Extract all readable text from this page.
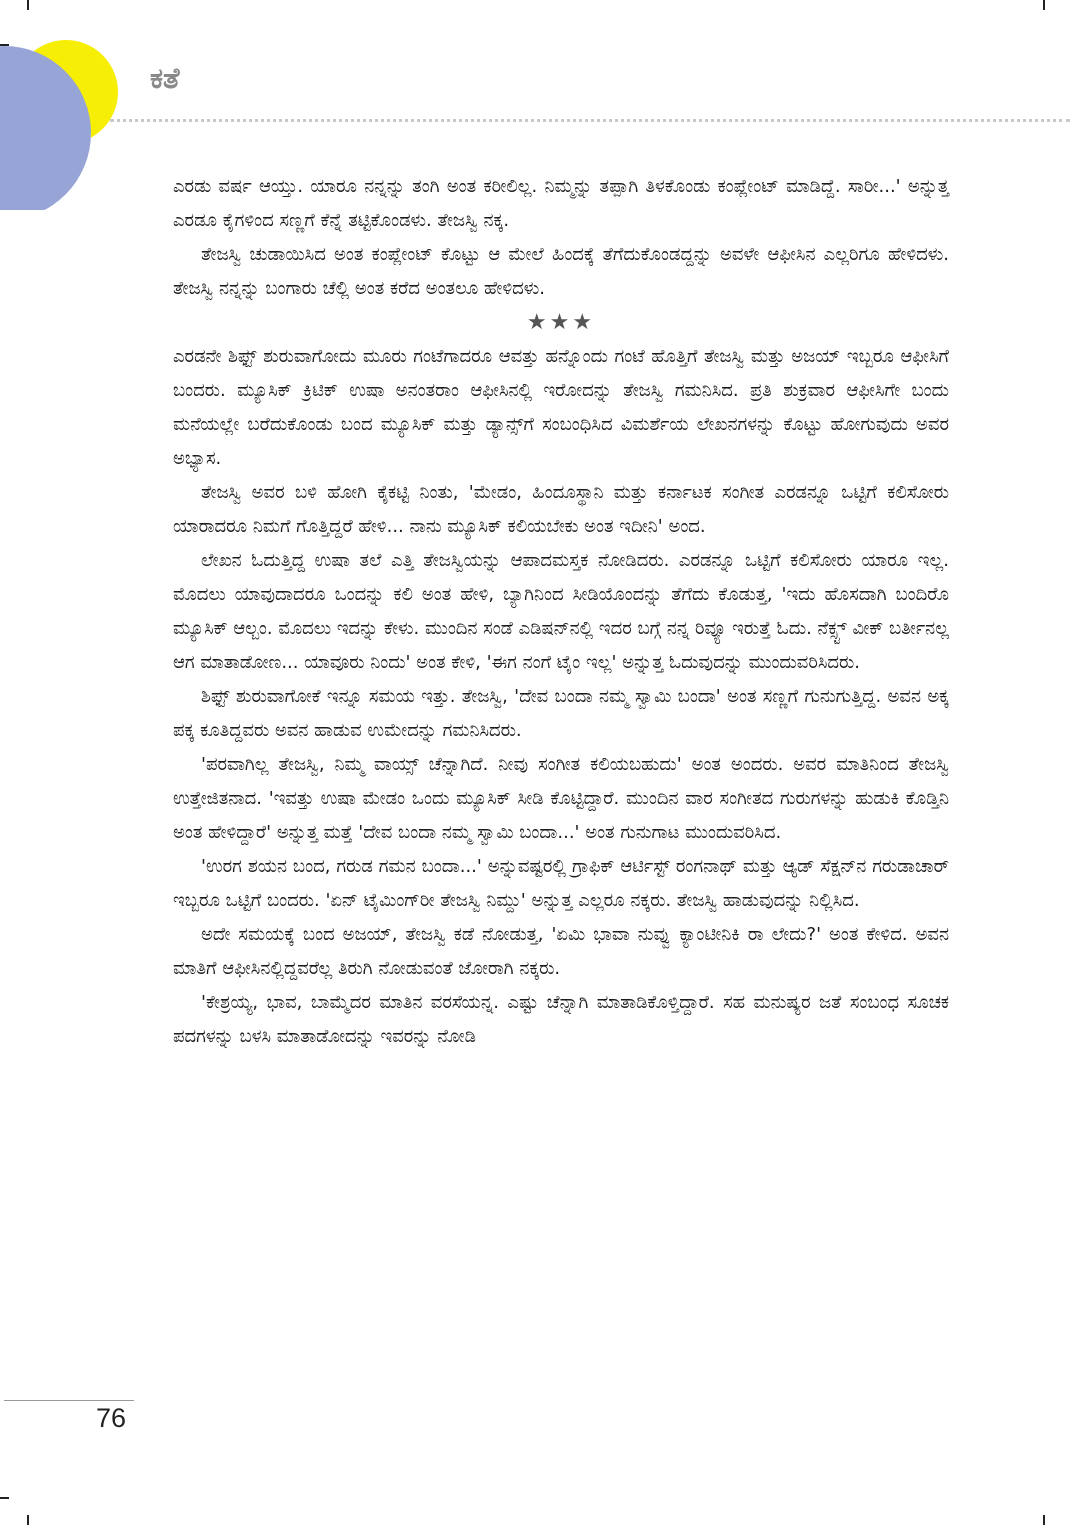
ಕತೆ

ಎರಡು ವರ್ಷ ಆಯ್ತು. ಯಾರೂ ನನ್ನನ್ನು ತಂಗಿ ಅಂತ ಕರೀಲಿಲ್ಲ. ನಿಮ್ಮನ್ನು ತಪ್ಪಾಗಿ ತಿಳಕೊಂಡು ಕಂಪ್ಲೇಂಟ್ ಮಾಡಿದ್ದೆ. ಸಾರೀ...' ಅನ್ನುತ್ತ ಎರಡೂ ಕೈಗಳಿಂದ ಸಣ್ಣಗೆ ಕೆನ್ನೆ ತಟ್ಟಿಕೊಂಡಳು. ತೇಜಸ್ವಿ ನಕ್ಕ.

ತೇಜಸ್ವಿ ಚುಡಾಯಿಸಿದ ಅಂತ ಕಂಪ್ಲೇಂಟ್ ಕೊಟ್ಟು ಆ ಮೇಲೆ ಹಿಂದಕ್ಕೆ ತೆಗೆದುಕೊಂಡದ್ದನ್ನು ಅವಳೇ ಆಫೀಸಿನ ಎಲ್ಲರಿಗೂ ಹೇಳಿದಳು. ತೇಜಸ್ವಿ ನನ್ನನ್ನು ಬಂಗಾರು ಚೆಲ್ಲಿ ಅಂತ ಕರೆದ ಅಂತಲೂ ಹೇಳಿದಳು.

★★★

ಎರಡನೇ ಶಿಫ್ಟ್ ಶುರುವಾಗೋದು ಮೂರು ಗಂಟೆಗಾದರೂ ಆವತ್ತು ಹನ್ನೊಂದು ಗಂಟೆ ಹೊತ್ತಿಗೆ ತೇಜಸ್ವಿ ಮತ್ತು ಅಜಯ್ ಇಬ್ಬರೂ ಆಫೀಸಿಗೆ ಬಂದರು. ಮ್ಯೂಸಿಕ್ ಕ್ರಿಟಿಕ್ ಉಷಾ ಅನಂತರಾಂ ಆಫೀಸಿನಲ್ಲಿ ಇರೋದನ್ನು ತೇಜಸ್ವಿ ಗಮನಿಸಿದ. ಪ್ರತಿ ಶುಕ್ರವಾರ ಆಫೀಸಿಗೇ ಬಂದು ಮನೆಯಲ್ಲೇ ಬರೆದುಕೊಂಡು ಬಂದ ಮ್ಯೂಸಿಕ್ ಮತ್ತು ಡ್ಯಾನ್ಸ್‌ಗೆ ಸಂಬಂಧಿಸಿದ ವಿಮರ್ಶೆಯ ಲೇಖನಗಳನ್ನು ಕೊಟ್ಟು ಹೋಗುವುದು ಅವರ ಅಭ್ಯಾಸ.

ತೇಜಸ್ವಿ ಅವರ ಬಳಿ ಹೋಗಿ ಕೈಕಟ್ಟಿ ನಿಂತು, 'ಮೇಡಂ, ಹಿಂದೂಸ್ಥಾನಿ ಮತ್ತು ಕರ್ನಾಟಕ ಸಂಗೀತ ಎರಡನ್ನೂ ಒಟ್ಟಿಗೆ ಕಲಿಸೋರು ಯಾರಾದರೂ ನಿಮಗೆ ಗೊತ್ತಿದ್ದರೆ ಹೇಳಿ... ನಾನು ಮ್ಯೂಸಿಕ್ ಕಲಿಯಬೇಕು ಅಂತ ಇದೀನಿ' ಅಂದ.

ಲೇಖನ ಓದುತ್ತಿದ್ದ ಉಷಾ ತಲೆ ಎತ್ತಿ ತೇಜಸ್ವಿಯನ್ನು ಆಪಾದಮಸ್ತಕ ನೋಡಿದರು. ಎರಡನ್ನೂ ಒಟ್ಟಿಗೆ ಕಲಿಸೋರು ಯಾರೂ ಇಲ್ಲ. ಮೊದಲು ಯಾವುದಾದರೂ ಒಂದನ್ನು ಕಲಿ ಅಂತ ಹೇಳಿ, ಬ್ಯಾಗಿನಿಂದ ಸೀಡಿಯೊಂದನ್ನು ತೆಗೆದು ಕೊಡುತ್ತ, 'ಇದು ಹೊಸದಾಗಿ ಬಂದಿರೊ ಮ್ಯೂಸಿಕ್ ಆಲ್ಬಂ. ಮೊದಲು ಇದನ್ನು ಕೇಳು. ಮುಂದಿನ ಸಂಡೆ ಎಡಿಷನ್‌ನಲ್ಲಿ ಇದರ ಬಗ್ಗೆ ನನ್ನ ರಿವ್ಯೂ ಇರುತ್ತೆ ಓದು. ನೆಕ್ಸ್ಟ್ ವೀಕ್ ಬರ್ತೀನಲ್ಲ ಆಗ ಮಾತಾಡೋಣ... ಯಾವೂರು ನಿಂದು' ಅಂತ ಕೇಳಿ, 'ಈಗ ನಂಗೆ ಟೈಂ ಇಲ್ಲ' ಅನ್ನುತ್ತ ಓದುವುದನ್ನು ಮುಂದುವರಿಸಿದರು.

ಶಿಫ್ಟ್ ಶುರುವಾಗೋಕೆ ಇನ್ನೂ ಸಮಯ ಇತ್ತು. ತೇಜಸ್ವಿ, 'ದೇವ ಬಂದಾ ನಮ್ಮ ಸ್ವಾಮಿ ಬಂದಾ' ಅಂತ ಸಣ್ಣಗೆ ಗುನುಗುತ್ತಿದ್ದ. ಅವನ ಅಕ್ಕ ಪಕ್ಕ ಕೂತಿದ್ದವರು ಅವನ ಹಾಡುವ ಉಮೇದನ್ನು ಗಮನಿಸಿದರು.

'ಪರವಾಗಿಲ್ಲ ತೇಜಸ್ವಿ, ನಿಮ್ಮ ವಾಯ್ಸ್ ಚೆನ್ನಾಗಿದೆ. ನೀವು ಸಂಗೀತ ಕಲಿಯಬಹುದು' ಅಂತ ಅಂದರು. ಅವರ ಮಾತಿನಿಂದ ತೇಜಸ್ವಿ ಉತ್ತೇಜಿತನಾದ. 'ಇವತ್ತು ಉಷಾ ಮೇಡಂ ಒಂದು ಮ್ಯೂಸಿಕ್ ಸೀಡಿ ಕೊಟ್ಟಿದ್ದಾರೆ. ಮುಂದಿನ ವಾರ ಸಂಗೀತದ ಗುರುಗಳನ್ನು ಹುಡುಕಿ ಕೊಡ್ತಿನಿ ಅಂತ ಹೇಳಿದ್ದಾರೆ' ಅನ್ನುತ್ತ ಮತ್ತೆ 'ದೇವ ಬಂದಾ ನಮ್ಮ ಸ್ವಾಮಿ ಬಂದಾ...' ಅಂತ ಗುನುಗಾಟ ಮುಂದುವರಿಸಿದ.

'ಉರಗ ಶಯನ ಬಂದ, ಗರುಡ ಗಮನ ಬಂದಾ...' ಅನ್ನುವಷ್ಟರಲ್ಲಿ ಗ್ರಾಫಿಕ್ ಆರ್ಟಿಸ್ಟ್ ರಂಗನಾಥ್ ಮತ್ತು ಆ್ಯಡ್ ಸೆಕ್ಷನ್‌ನ ಗರುಡಾಚಾರ್ ಇಬ್ಬರೂ ಒಟ್ಟಿಗೆ ಬಂದರು. 'ಏನ್ ಟೈಮಿಂಗ್‌ರೀ ತೇಜಸ್ವಿ ನಿಮ್ದು' ಅನ್ನುತ್ತ ಎಲ್ಲರೂ ನಕ್ಕರು. ತೇಜಸ್ವಿ ಹಾಡುವುದನ್ನು ನಿಲ್ಲಿಸಿದ.

ಅದೇ ಸಮಯಕ್ಕೆ ಬಂದ ಅಜಯ್, ತೇಜಸ್ವಿ ಕಡೆ ನೋಡುತ್ತ, 'ಏಮಿ ಭಾವಾ ನುವ್ವು ಕ್ಯಾಂಟೀನಿಕಿ ರಾ ಲೇದು?' ಅಂತ ಕೇಳಿದ. ಅವನ ಮಾತಿಗೆ ಆಫೀಸಿನಲ್ಲಿದ್ದವರೆಲ್ಲ ತಿರುಗಿ ನೋಡುವಂತೆ ಜೋರಾಗಿ ನಕ್ಕರು.

'ಕೇಶ್ರಯ್ಯ, ಭಾವ, ಬಾಮ್ಮೆದರ ಮಾತಿನ ವರಸೆಯನ್ನ. ಎಷ್ಟು ಚೆನ್ನಾಗಿ ಮಾತಾಡಿಕೊಳ್ತಿದ್ದಾರೆ. ಸಹ ಮನುಷ್ಯರ ಜತೆ ಸಂಬಂಧ ಸೂಚಕ ಪದಗಳನ್ನು ಬಳಸಿ ಮಾತಾಡೋದನ್ನು ಇವರನ್ನು ನೋಡಿ

76
